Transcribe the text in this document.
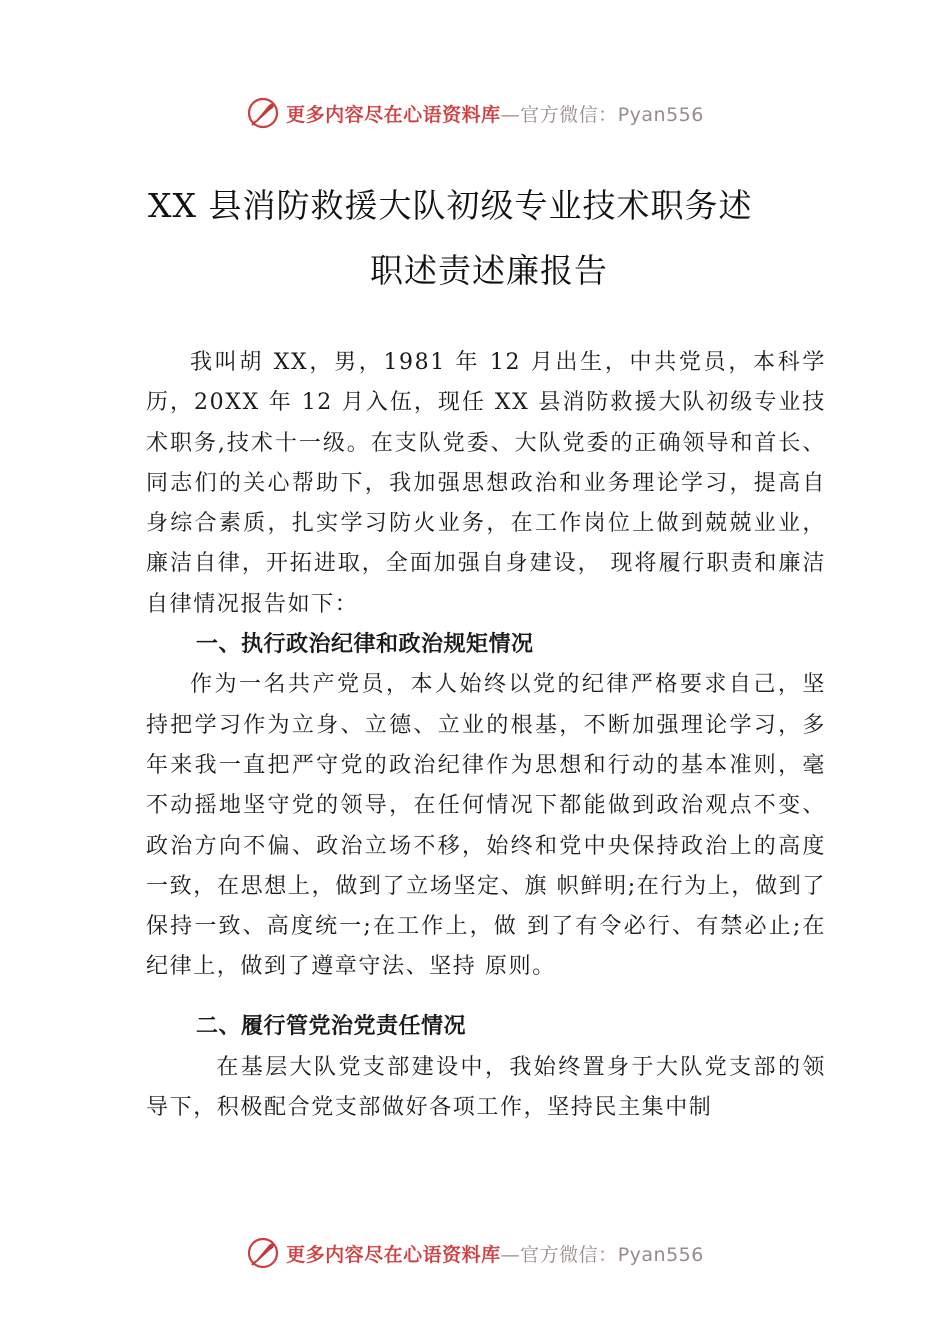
更多内容尽在心语资料库—官方微信：Pyan556
XX 县消防救援大队初级专业技术职务述
职述责述廉报告

我叫胡 XX，男，1981 年 12 月出生，中共党员，本科学历，20XX 年 12 月入伍，现任 XX 县消防救援大队初级专业技术职务,技术十一级。在支队党委、大队党委的正确领导和首长、同志们的关心帮助下，我加强思想政治和业务理论学习，提高自身综合素质，扎实学习防火业务，在工作岗位上做到兢兢业业，廉洁自律，开拓进取，全面加强自身建设， 现将履行职责和廉洁自律情况报告如下：

一、执行政治纪律和政治规矩情况

作为一名共产党员，本人始终以党的纪律严格要求自己，坚持把学习作为立身、立德、立业的根基，不断加强理论学习，多年来我一直把严守党的政治纪律作为思想和行动的基本准则，毫不动摇地坚守党的领导，在任何情况下都能做到政治观点不变、政治方向不偏、政治立场不移，始终和党中央保持政治上的高度一致，在思想上，做到了立场坚定、旗 帜鲜明;在行为上，做到了保持一致、高度统一;在工作上，做 到了有令必行、有禁必止;在纪律上，做到了遵章守法、坚持 原则。

二、履行管党治党责任情况

在基层大队党支部建设中，我始终置身于大队党支部的领导下，积极配合党支部做好各项工作，坚持民主集中制

更多内容尽在心语资料库—官方微信：Pyan556
